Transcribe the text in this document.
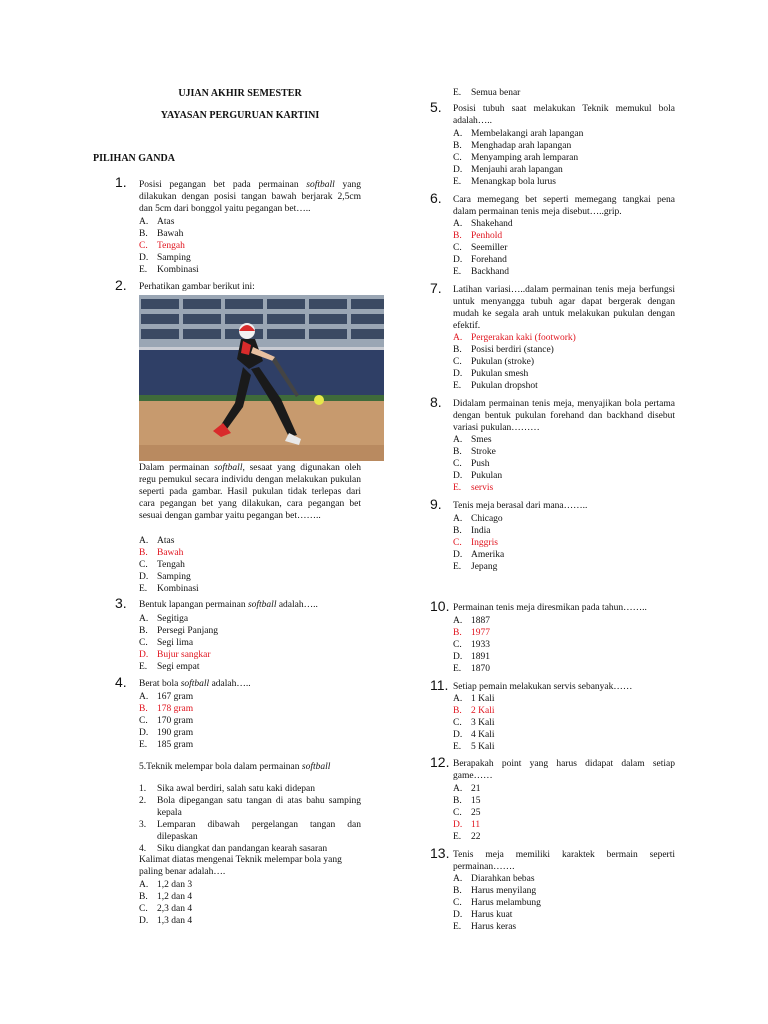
UJIAN AKHIR SEMESTER
YAYASAN PERGURUAN KARTINI
PILIHAN GANDA
1. Posisi pegangan bet pada permainan softball yang dilakukan dengan posisi tangan bawah berjarak 2,5cm dan 5cm dari bonggol yaitu pegangan bet…..
A. Atas
B. Bawah
C. Tengah
D. Samping
E. Kombinasi
2. Perhatikan gambar berikut ini:
Dalam permainan softball, sesaat yang digunakan oleh regu pemukul secara individu dengan melakukan pukulan seperti pada gambar. Hasil pukulan tidak terlepas dari cara pegangan bet yang dilakukan, cara pegangan bet sesuai dengan gambar yaitu pegangan bet……..
A. Atas
B. Bawah
C. Tengah
D. Samping
E. Kombinasi
3. Bentuk lapangan permainan softball adalah…..
A. Segitiga
B. Persegi Panjang
C. Segi lima
D. Bujur sangkar
E. Segi empat
4. Berat bola softball adalah…..
A. 167 gram
B. 178 gram
C. 170 gram
D. 190 gram
E. 185 gram
5.Teknik melempar bola dalam permainan softball
1.	Sika awal berdiri, salah satu kaki didepan
2.	Bola dipegangan satu tangan di atas bahu samping kepala
3.	Lemparan dibawah pergelangan tangan dan dilepaskan
4.	Siku diangkat dan pandangan kearah sasaran
Kalimat diatas mengenai Teknik melempar bola yang paling benar adalah….
A. 1,2 dan 3
B. 1,2 dan 4
C. 2,3 dan 4
D. 1,3 dan 4
E. Semua benar
5. Posisi tubuh saat melakukan Teknik memukul bola adalah…..
A. Membelakangi arah lapangan
B. Menghadap arah lapangan
C. Menyamping arah lemparan
D. Menjauhi arah lapangan
E. Menangkap bola lurus
6. Cara memegang bet seperti memegang tangkai pena dalam permainan tenis meja disebut…..grip.
A. Shakehand
B. Penhold
C. Seemiller
D. Forehand
E. Backhand
7. Latihan variasi…..dalam permainan tenis meja berfungsi untuk menyangga tubuh agar dapat bergerak dengan mudah ke segala arah untuk melakukan pukulan dengan efektif.
A. Pergerakan kaki (footwork)
B. Posisi berdiri (stance)
C. Pukulan (stroke)
D. Pukulan smesh
E. Pukulan dropshot
8. Didalam permainan tenis meja, menyajikan bola pertama dengan bentuk pukulan forehand dan backhand disebut variasi pukulan………
A. Smes
B. Stroke
C. Push
D. Pukulan
E. servis
9. Tenis meja berasal dari mana……..
A. Chicago
B. India
C. Inggris
D. Amerika
E. Jepang
10. Permainan tenis meja diresmikan pada tahun……..
A. 1887
B. 1977
C. 1933
D. 1891
E. 1870
11. Setiap pemain melakukan servis sebanyak……
A. 1 Kali
B. 2 Kali
C. 3 Kali
D. 4 Kali
E. 5 Kali
12. Berapakah point yang harus didapat dalam setiap game……
A. 21
B. 15
C. 25
D. 11
E. 22
13. Tenis meja memiliki karaktek bermain seperti permainan…….
A. Diarahkan bebas
B. Harus menyilang
C. Harus melambung
D. Harus kuat
E. Harus keras
